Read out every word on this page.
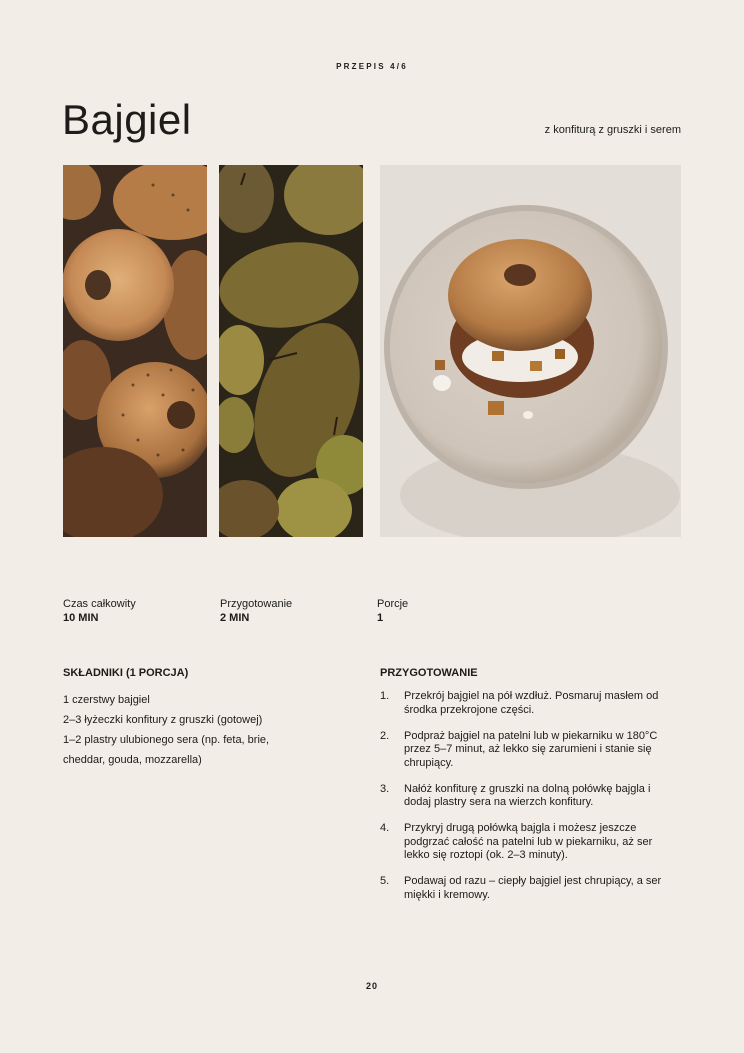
PRZEPIS 4/6
Bajgiel	z konfiturą z gruszki i serem
Czas całkowity
10 MIN
Przygotowanie
2 MIN
Porcje
1
SKŁADNIKI (1 PORCJA)
1 czerstwy bajgiel
2–3 łyżeczki konfitury z gruszki (gotowej)
1–2 plastry ulubionego sera (np. feta, brie,
cheddar, gouda, mozzarella)
PRZYGOTOWANIE
1.	Przekrój bajgiel na pół wzdłuż. Posmaruj masłem od środka przekrojone części.
2.	Podpraż bajgiel na patelni lub w piekarniku w 180°C przez 5–7 minut, aż lekko się zarumieni i stanie się chrupiący.
3.	Nałóż konfiturę z gruszki na dolną połówkę bajgla i dodaj plastry sera na wierzch konfitury.
4.	Przykryj drugą połówką bajgla i możesz jeszcze podgrzać całość na patelni lub w piekarniku, aż ser lekko się roztopi (ok. 2–3 minuty).
5.	Podawaj od razu – ciepły bajgiel jest chrupiący, a ser miękki i kremowy.
20
